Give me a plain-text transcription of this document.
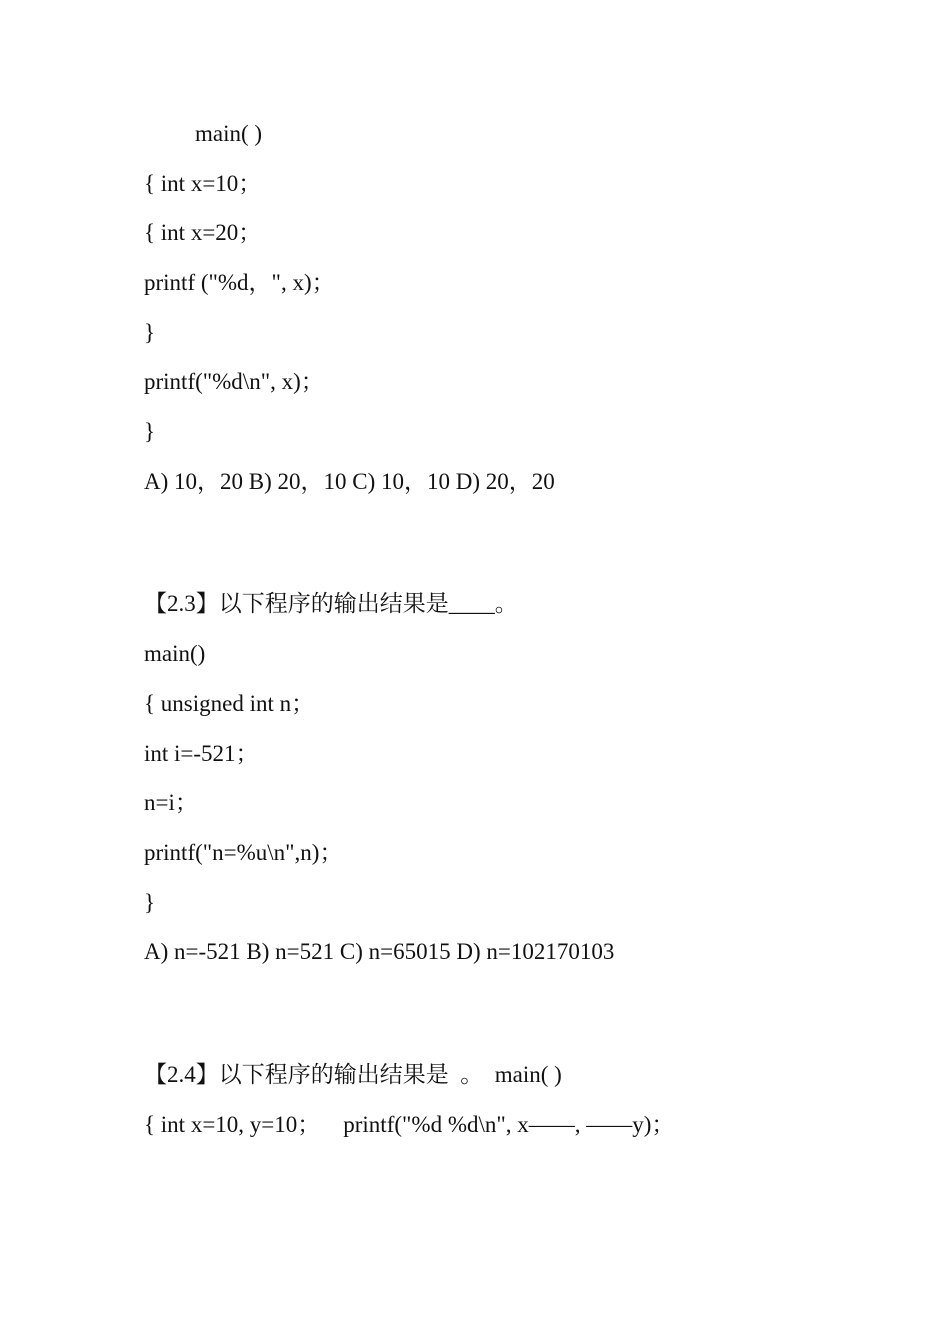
main( )
{ int x=10；
{ int x=20；
printf ("%d，", x)；
}
printf("%d\n", x)；
}
A) 10，20 B) 20，10 C) 10，10 D) 20，20
【2.3】以下程序的输出结果是____。
main()
{ unsigned int n；
int i=-521；
n=i；
printf("n=%u\n",n)；
}
A) n=-521 B) n=521 C) n=65015 D) n=102170103
【2.4】以下程序的输出结果是  。  main( )
{ int x=10, y=10；    printf("%d %d\n", x——, ——y)；
